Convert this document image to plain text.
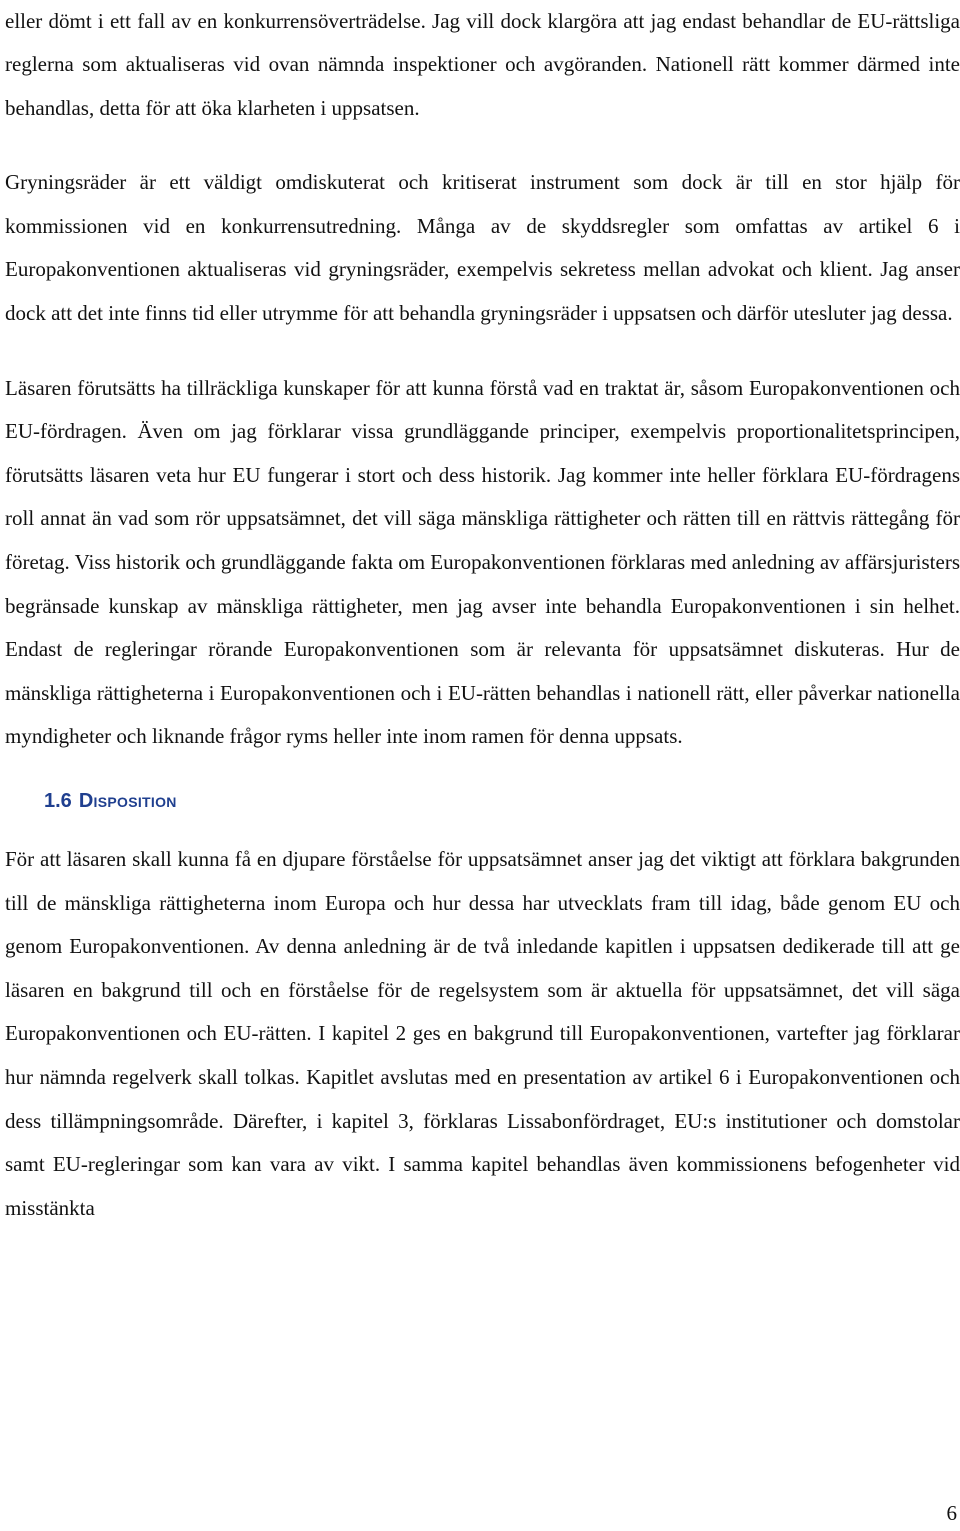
eller dömt i ett fall av en konkurrensöverträdelse. Jag vill dock klargöra att jag endast behandlar de EU-rättsliga reglerna som aktualiseras vid ovan nämnda inspektioner och avgöranden. Nationell rätt kommer därmed inte behandlas, detta för att öka klarheten i uppsatsen.

Gryningsräder är ett väldigt omdiskuterat och kritiserat instrument som dock är till en stor hjälp för kommissionen vid en konkurrensutredning. Många av de skyddsregler som omfattas av artikel 6 i Europakonventionen aktualiseras vid gryningsräder, exempelvis sekretess mellan advokat och klient. Jag anser dock att det inte finns tid eller utrymme för att behandla gryningsräder i uppsatsen och därför utesluter jag dessa.

Läsaren förutsätts ha tillräckliga kunskaper för att kunna förstå vad en traktat är, såsom Europakonventionen och EU-fördragen. Även om jag förklarar vissa grundläggande principer, exempelvis proportionalitetsprincipen, förutsätts läsaren veta hur EU fungerar i stort och dess historik. Jag kommer inte heller förklara EU-fördragens roll annat än vad som rör uppsatsämnet, det vill säga mänskliga rättigheter och rätten till en rättvis rättegång för företag. Viss historik och grundläggande fakta om Europakonventionen förklaras med anledning av affärsjuristers begränsade kunskap av mänskliga rättigheter, men jag avser inte behandla Europakonventionen i sin helhet. Endast de regleringar rörande Europakonventionen som är relevanta för uppsatsämnet diskuteras. Hur de mänskliga rättigheterna i Europakonventionen och i EU-rätten behandlas i nationell rätt, eller påverkar nationella myndigheter och liknande frågor ryms heller inte inom ramen för denna uppsats.

1.6 Disposition

För att läsaren skall kunna få en djupare förståelse för uppsatsämnet anser jag det viktigt att förklara bakgrunden till de mänskliga rättigheterna inom Europa och hur dessa har utvecklats fram till idag, både genom EU och genom Europakonventionen. Av denna anledning är de två inledande kapitlen i uppsatsen dedikerade till att ge läsaren en bakgrund till och en förståelse för de regelsystem som är aktuella för uppsatsämnet, det vill säga Europakonventionen och EU-rätten. I kapitel 2 ges en bakgrund till Europakonventionen, vartefter jag förklarar hur nämnda regelverk skall tolkas. Kapitlet avslutas med en presentation av artikel 6 i Europakonventionen och dess tillämpningsområde. Därefter, i kapitel 3, förklaras Lissabonfördraget, EU:s institutioner och domstolar samt EU-regleringar som kan vara av vikt. I samma kapitel behandlas även kommissionens befogenheter vid misstänkta

6
